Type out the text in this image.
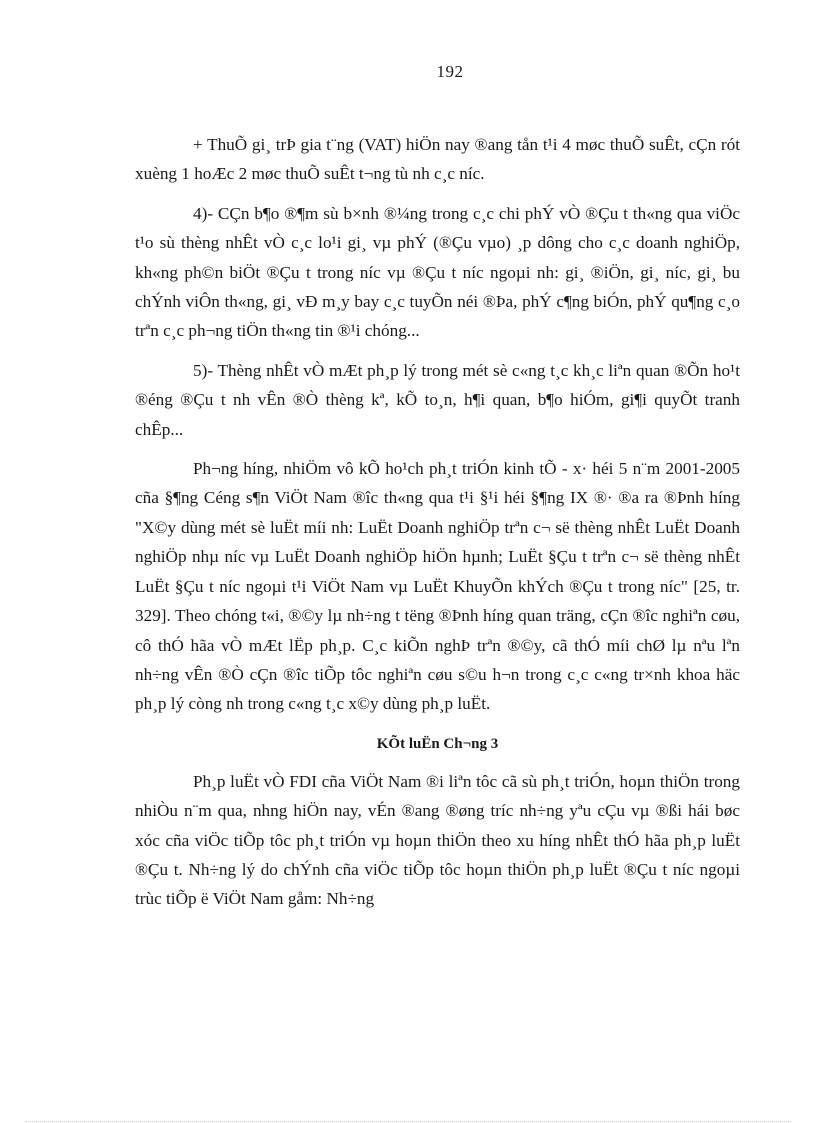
192

+ ThuÕ gi¸ trÞ gia t¨ng (VAT) hiÖn nay ®ang tån t¹i 4 møc thuÕ suÊt, cÇn rót xuèng 1 hoÆc 2 møc thuÕ suÊt t¬ng tù nh c¸c níc.

4)- CÇn b¶o ®¶m sù b×nh ®¼ng trong c¸c chi phÝ vÒ ®Çu t th«ng qua viÖc t¹o sù thèng nhÊt vÒ c¸c lo¹i gi¸ vµ phÝ (®Çu vµo) ¸p dông cho c¸c doanh nghiÖp, kh«ng ph©n biÖt ®Çu t trong níc vµ ®Çu t níc ngoµi nh: gi¸ ®iÖn, gi¸ níc, gi¸ bu chÝnh viÔn th«ng, gi¸ vÐ m¸y bay c¸c tuyÕn néi ®Þa, phÝ c¶ng biÓn, phÝ qu¶ng c¸o trªn c¸c ph¬ng tiÖn th«ng tin ®¹i chóng...

5)- Thèng nhÊt vÒ mÆt ph¸p lý trong mét sè c«ng t¸c kh¸c liªn quan ®Õn ho¹t ®éng ®Çu t nh vÊn ®Ò thèng kª, kÕ to¸n, h¶i quan, b¶o hiÓm, gi¶i quyÕt tranh chÊp...

Ph¬ng híng, nhiÖm vô kÕ ho¹ch ph¸t triÓn kinh tÕ - x· héi 5 n¨m 2001-2005 cña §¶ng Céng s¶n ViÖt Nam ®îc th«ng qua t¹i §¹i héi §¶ng IX ®· ®a ra ®Þnh híng "X©y dùng mét sè luËt míi nh: LuËt Doanh nghiÖp trªn c¬ së thèng nhÊt LuËt Doanh nghiÖp nhµ níc vµ LuËt Doanh nghiÖp hiÖn hµnh; LuËt §Çu t trªn c¬ së thèng nhÊt LuËt §Çu t níc ngoµi t¹i ViÖt Nam vµ LuËt KhuyÕn khÝch ®Çu t trong níc" [25, tr. 329]. Theo chóng t«i, ®©y lµ nh÷ng t tëng ®Þnh híng quan träng, cÇn ®îc nghiªn cøu, cô thÓ hãa vÒ mÆt lËp ph¸p. C¸c kiÕn nghÞ trªn ®©y, cã thÓ míi chØ lµ nªu lªn nh÷ng vÊn ®Ò cÇn ®îc tiÕp tôc nghiªn cøu s©u h¬n trong c¸c c«ng tr×nh khoa häc ph¸p lý còng nh trong c«ng t¸c x©y dùng ph¸p luËt.

KÕt luËn Ch¬ng 3

Ph¸p luËt vÒ FDI cña ViÖt Nam ®i liªn tôc cã sù ph¸t triÓn, hoµn thiÖn trong nhiÒu n¨m qua, nhng hiÖn nay, vÉn ®ang ®øng tríc nh÷ng yªu cÇu vµ ®ßi hái bøc xóc cña viÖc tiÕp tôc ph¸t triÓn vµ hoµn thiÖn theo xu híng nhÊt thÓ hãa ph¸p luËt ®Çu t. Nh÷ng lý do chÝnh cña viÖc tiÕp tôc hoµn thiÖn ph¸p luËt ®Çu t níc ngoµi trùc tiÕp ë ViÖt Nam gåm: Nh÷ng
